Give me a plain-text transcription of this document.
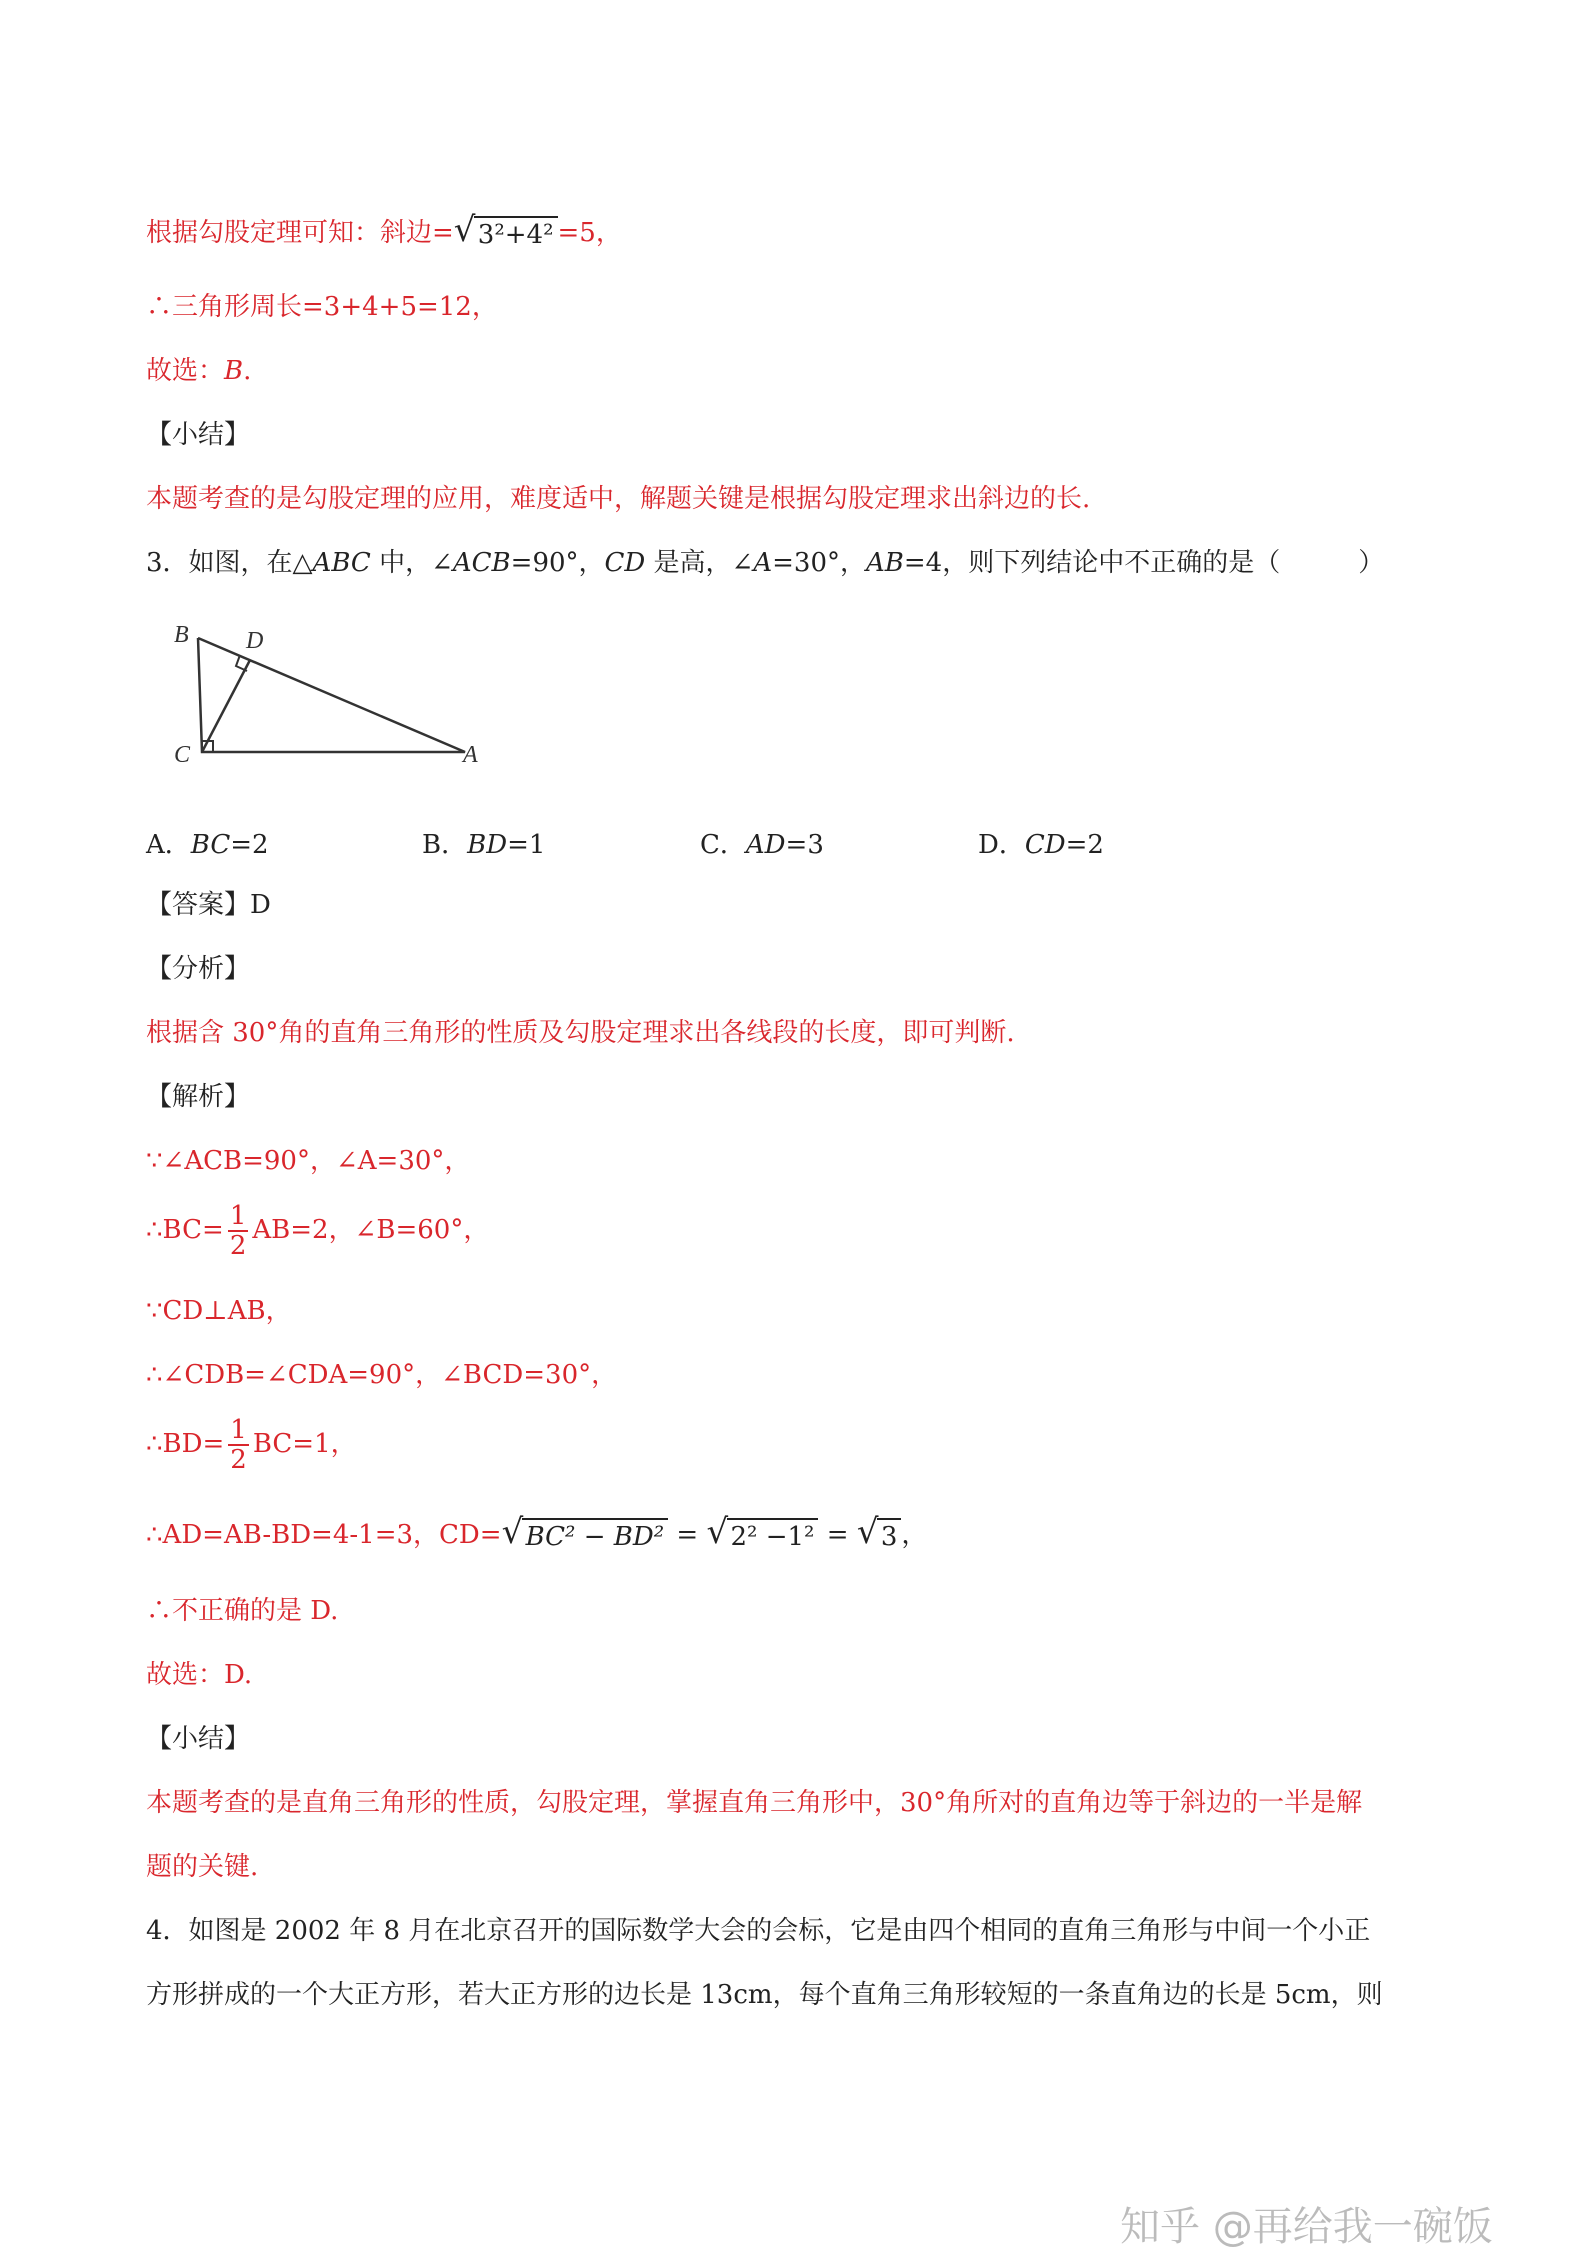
根据勾股定理可知：斜边= √ 3²+4² =5，
∴三角形周长=3+4+5=12，
故选：B.
【小结】
本题考查的是勾股定理的应用，难度适中，解题关键是根据勾股定理求出斜边的长.
3．如图，在△ABC 中，∠ACB=90°，CD 是高，∠A=30°，AB=4，则下列结论中不正确的是（　　　）
B D
C	A
A．BC=2	B．BD=1	C．AD=3	D．CD=2
【答案】D
【分析】
根据含 30°角的直角三角形的性质及勾股定理求出各线段的长度，即可判断.
【解析】
∵∠ACB=90°，∠A=30°，
∴BC= $\frac{1}{2} AB=2$，∠B=60°，
∵CD⊥AB，
∴∠CDB=∠CDA=90°，∠BCD=30°，
∴BD= $\frac{1}{2} BC=1$，
∴AD=AB-BD=4-1=3，CD= √ BC² − BD² = √ 2² −1² = √ 3 ，
∴不正确的是 D.
故选：D.
【小结】
本题考查的是直角三角形的性质，勾股定理，掌握直角三角形中，30°角所对的直角边等于斜边的一半是解
题的关键.
4．如图是 2002 年 8 月在北京召开的国际数学大会的会标，它是由四个相同的直角三角形与中间一个小正
方形拼成的一个大正方形，若大正方形的边长是 13cm，每个直角三角形较短的一条直角边的长是 5cm，则
知乎 @再给我一碗饭
